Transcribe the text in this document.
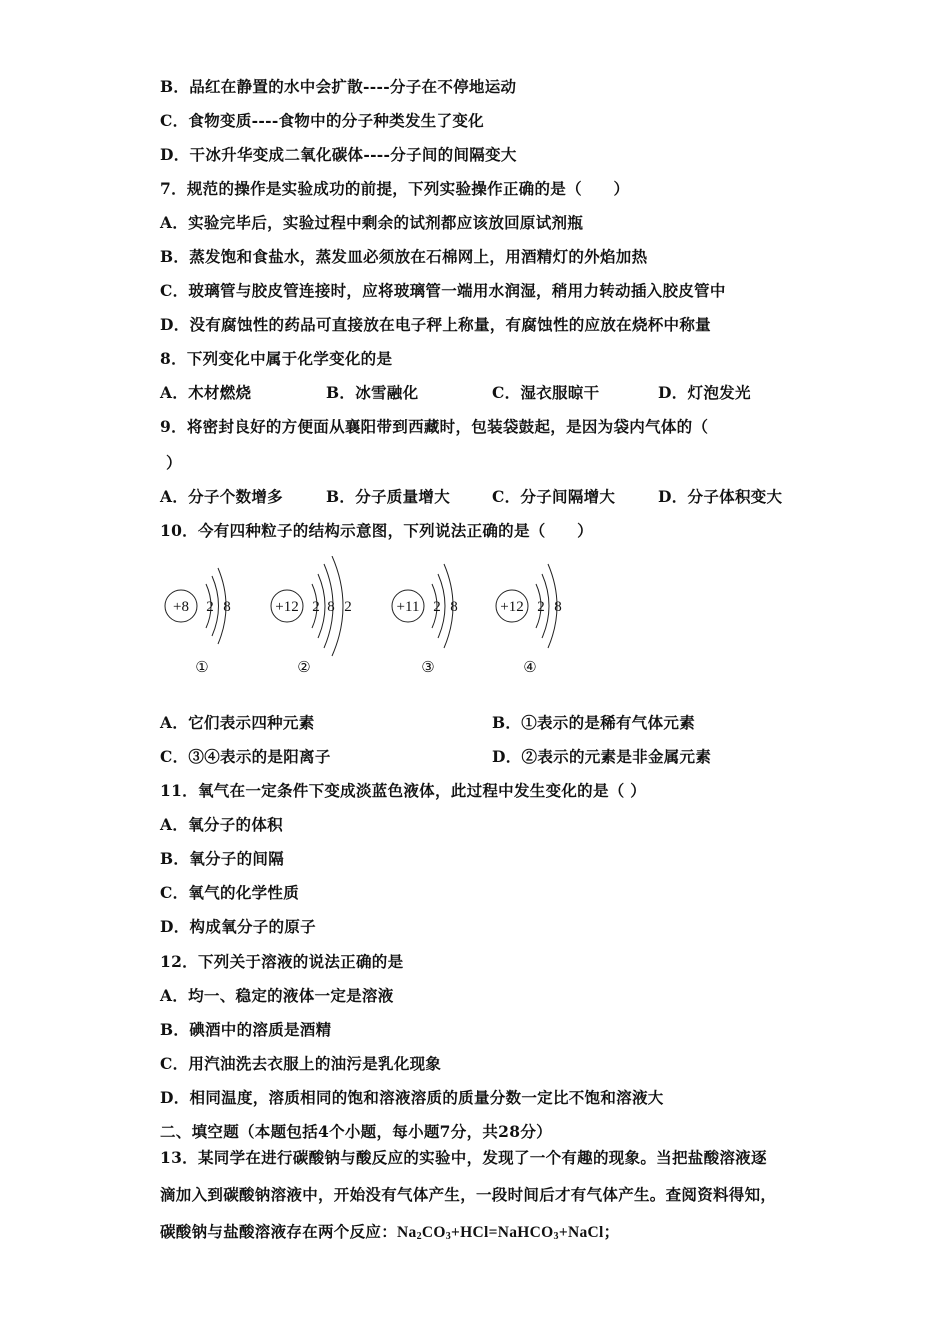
B．品红在静置的水中会扩散----分子在不停地运动
C．食物变质----食物中的分子种类发生了变化
D．干冰升华变成二氧化碳体----分子间的间隔变大
7．规范的操作是实验成功的前提，下列实验操作正确的是（　　）
A．实验完毕后，实验过程中剩余的试剂都应该放回原试剂瓶
B．蒸发饱和食盐水，蒸发皿必须放在石棉网上，用酒精灯的外焰加热
C．玻璃管与胶皮管连接时，应将玻璃管一端用水润湿，稍用力转动插入胶皮管中
D．没有腐蚀性的药品可直接放在电子秤上称量，有腐蚀性的应放在烧杯中称量
8．下列变化中属于化学变化的是
A．木材燃烧	B．冰雪融化	C．湿衣服晾干	D．灯泡发光
9．将密封良好的方便面从襄阳带到西藏时，包装袋鼓起，是因为袋内气体的（
）
A．分子个数增多	B．分子质量增大	C．分子间隔增大	D．分子体积变大
10．今有四种粒子的结构示意图，下列说法正确的是（　　）
+8 2 8
①
+12 2 8 2
②
+11 2 8
③
+12 2 8
④
A．它们表示四种元素	B．①表示的是稀有气体元素
C．③④表示的是阳离子	D．②表示的元素是非金属元素
11．氧气在一定条件下变成淡蓝色液体，此过程中发生变化的是（ ）
A．氧分子的体积
B．氧分子的间隔
C．氧气的化学性质
D．构成氧分子的原子
12．下列关于溶液的说法正确的是
A．均一、稳定的液体一定是溶液
B．碘酒中的溶质是酒精
C．用汽油洗去衣服上的油污是乳化现象
D．相同温度，溶质相同的饱和溶液溶质的质量分数一定比不饱和溶液大
二、填空题（本题包括4个小题，每小题7分，共28分）
13．某同学在进行碳酸钠与酸反应的实验中，发现了一个有趣的现象。当把盐酸溶液逐
滴加入到碳酸钠溶液中，开始没有气体产生，一段时间后才有气体产生。查阅资料得知，
碳酸钠与盐酸溶液存在两个反应：$Na_2CO_3+HCl=NaHCO_3+NaCl$；
